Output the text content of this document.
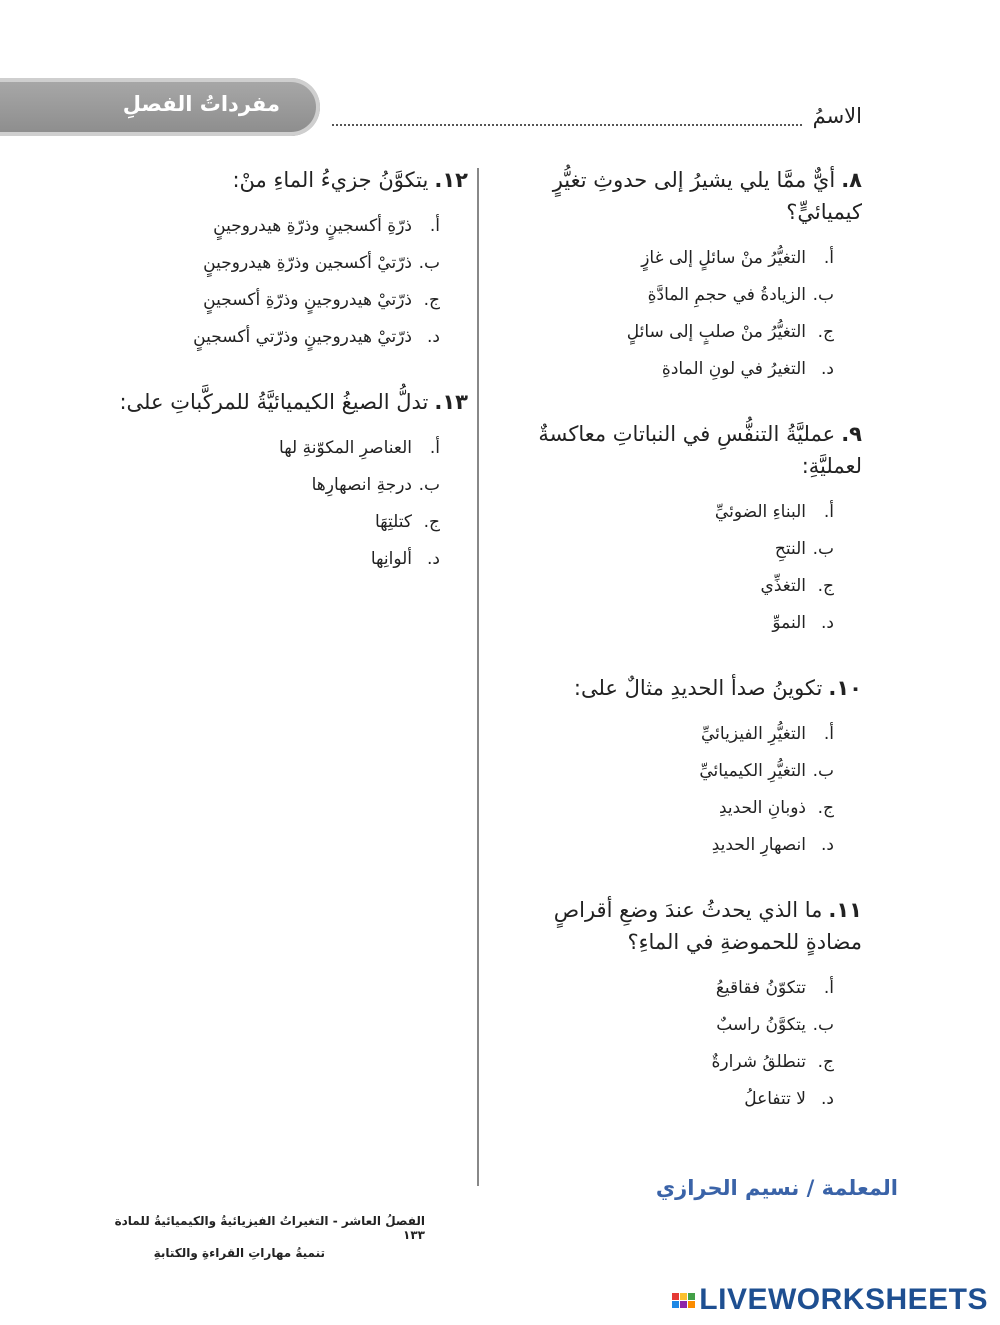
مفرداتُ الفصلِ	الاسمُ
٨.أيٌّ ممَّا يلي يشيرُ إلى حدوثِ تغيُّرٍ كيميائيٍّ؟
أ.التغيُّرُ منْ سائلٍ إلى غازٍ
ب.الزيادةُ في حجمِ المادَّةِ
ج.التغيُّرُ منْ صلبٍ إلى سائلٍ
د.التغيرُ في لونِ المادةِ
٩.عمليَّةُ التنفُّسِ في النباتاتِ معاكسةٌ لعمليَّةِ:
أ.البناءِ الضوئيِّ
ب.النتحِ
ج.التغذِّي
د.النموِّ
١٠.تكوينُ صدأ الحديدِ مثالٌ على:
أ.التغيُّرِ الفيزيائيِّ
ب.التغيُّرِ الكيميائيِّ
ج.ذوبانِ الحديدِ
د.انصهارِ الحديدِ
١١.ما الذي يحدثُ عندَ وضعِ أقراصٍ مضادةٍ للحموضةِ في الماءِ؟
أ.تتكوّنُ فقاقيعُ
ب.يتكوَّنُ راسبٌ
ج.تنطلقُ شرارةٌ
د.لا تتفاعلُ
١٢.يتكوَّنُ جزيءُ الماءِ منْ:
أ.ذرّةِ أكسجينٍ وذرّةِ هيدروجينٍ
ب.ذرّتيْ أكسجين وذرّةِ هيدروجينٍ
ج.ذرّتيْ هيدروجينٍ وذرّةِ أكسجينٍ
د.ذرّتيْ هيدروجينٍ وذرّتي أكسجينٍ
١٣.تدلُّ الصيغُ الكيميائيَّةُ للمركَّباتِ على:
أ.العناصرِ المكوّنةِ لها
ب.درجةِ انصهارِها
ج.كتلتِهَا
د.ألوانِها
المعلمة / نسيم الحرازي
الفصلُ العاشر - التغيراتُ الفيزيائيةُ والكيميائيةُ للمادة ١٣٣
تنميةُ مهاراتِ القراءةِ والكتابةِ
LIVEWORKSHEETS
